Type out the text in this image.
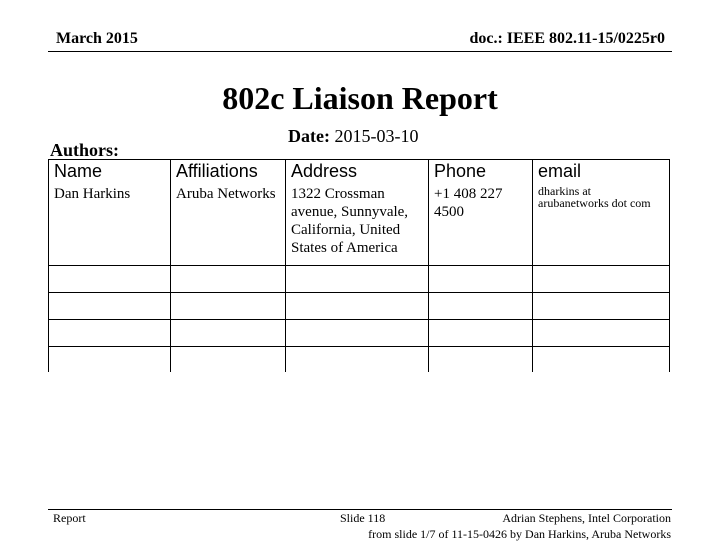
March 2015	doc.: IEEE 802.11-15/0225r0
802c Liaison Report
Date: 2015-03-10
Authors:
Name	Affiliations	Address	Phone	email
Dan Harkins	Aruba Networks	1322 Crossman avenue, Sunnyvale, California, United States of America	+1 408 227 4500	dharkins at arubanetworks dot com

Report	Slide 118	Adrian Stephens, Intel Corporation
from slide 1/7 of 11-15-0426 by Dan Harkins, Aruba Networks
